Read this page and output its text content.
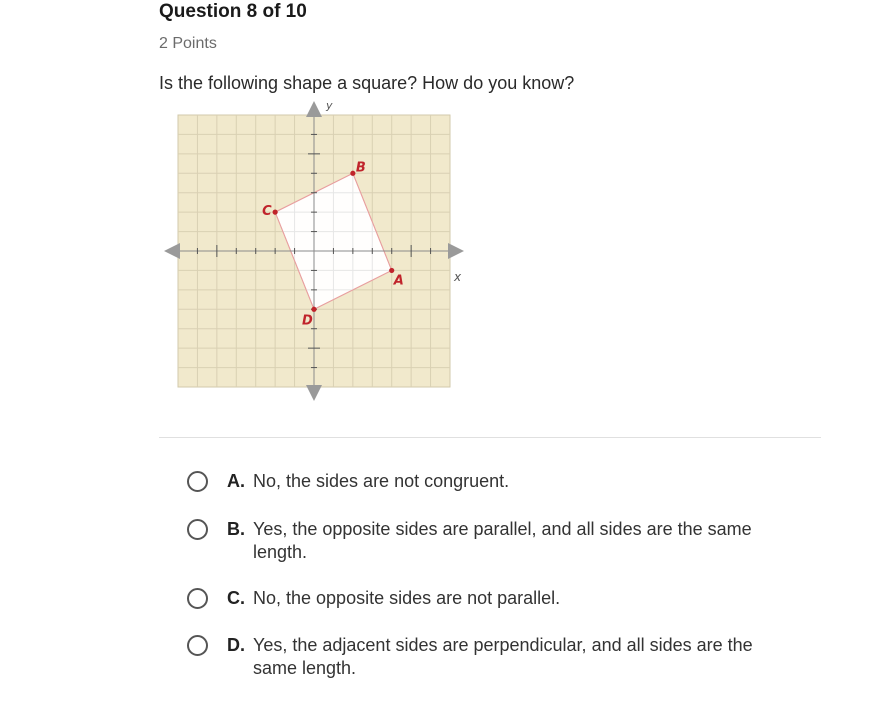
Question 8 of 10
2 Points
Is the following shape a square? How do you know?
A
B
C
D
x
y
A. No, the sides are not congruent.
B. Yes, the opposite sides are parallel, and all sides are the same length.
C. No, the opposite sides are not parallel.
D. Yes, the adjacent sides are perpendicular, and all sides are the same length.
